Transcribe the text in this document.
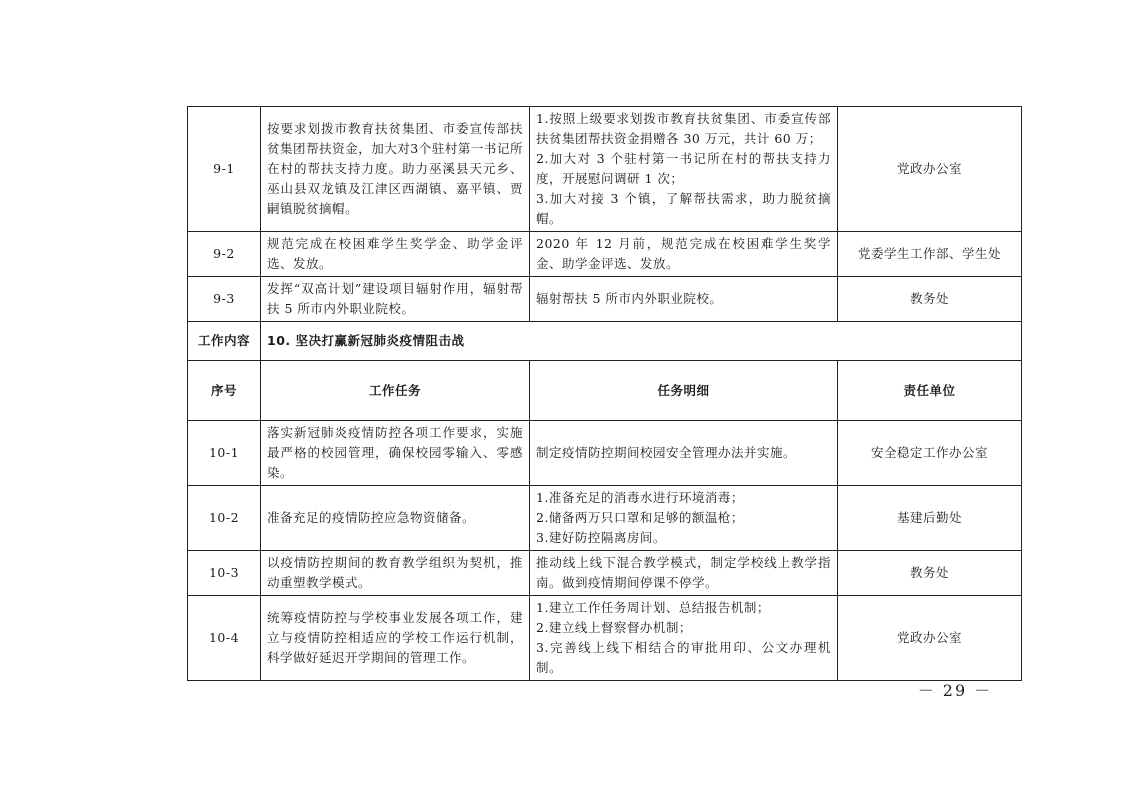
9-1	按要求划拨市教育扶贫集团、市委宣传部扶贫集团帮扶资金，加大对3个驻村第一书记所在村的帮扶支持力度。助力巫溪县天元乡、巫山县双龙镇及江津区西湖镇、嘉平镇、贾嗣镇脱贫摘帽。	1.按照上级要求划拨市教育扶贫集团、市委宣传部扶贫集团帮扶资金捐赠各 30 万元，共计 60 万；
2.加大对 3 个驻村第一书记所在村的帮扶支持力度，开展慰问调研 1 次；
3.加大对接 3 个镇，了解帮扶需求，助力脱贫摘帽。	党政办公室
9-2	规范完成在校困难学生奖学金、助学金评选、发放。	2020 年 12 月前，规范完成在校困难学生奖学金、助学金评选、发放。	党委学生工作部、学生处
9-3	发挥“双高计划”建设项目辐射作用，辐射帮扶 5 所市内外职业院校。	辐射帮扶 5 所市内外职业院校。	教务处
工作内容	10. 坚决打赢新冠肺炎疫情阻击战		
序号	工作任务	任务明细	责任单位
10-1	落实新冠肺炎疫情防控各项工作要求，实施最严格的校园管理，确保校园零输入、零感染。	制定疫情防控期间校园安全管理办法并实施。	安全稳定工作办公室
10-2	准备充足的疫情防控应急物资储备。	1.准备充足的消毒水进行环境消毒；
2.储备两万只口罩和足够的额温枪；
3.建好防控隔离房间。	基建后勤处
10-3	以疫情防控期间的教育教学组织为契机，推动重塑教学模式。	推动线上线下混合教学模式，制定学校线上教学指南。做到疫情期间停课不停学。	教务处
10-4	统筹疫情防控与学校事业发展各项工作，建立与疫情防控相适应的学校工作运行机制，科学做好延迟开学期间的管理工作。	1.建立工作任务周计划、总结报告机制；
2.建立线上督察督办机制；
3.完善线上线下相结合的审批用印、公文办理机制。	党政办公室
－ 29 －
